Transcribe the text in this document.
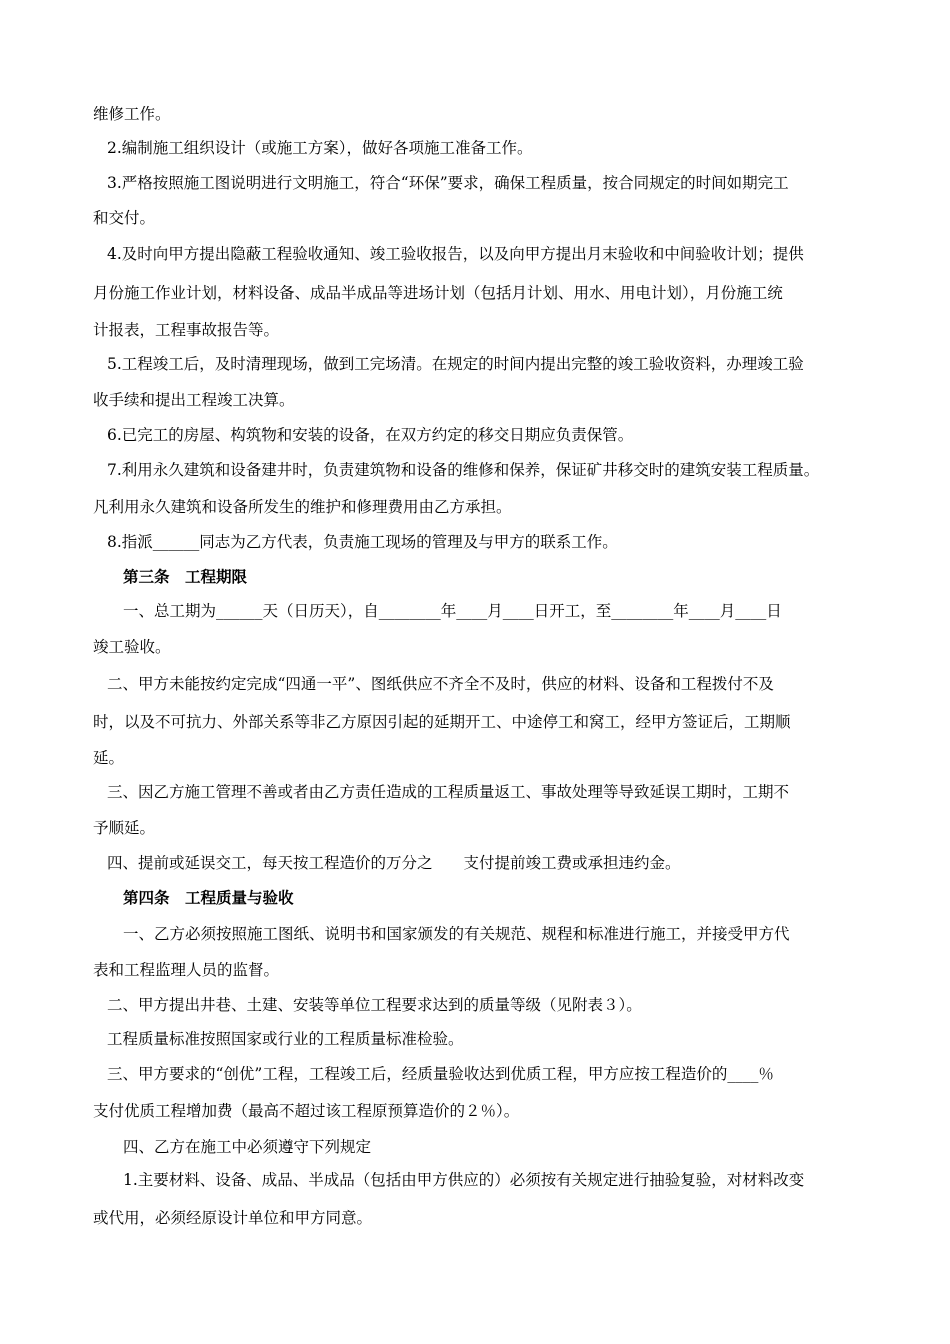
维修工作。
2.编制施工组织设计（或施工方案），做好各项施工准备工作。
3.严格按照施工图说明进行文明施工，符合“环保”要求，确保工程质量，按合同规定的时间如期完工
和交付。
4.及时向甲方提出隐蔽工程验收通知、竣工验收报告，以及向甲方提出月末验收和中间验收计划；提供
月份施工作业计划，材料设备、成品半成品等进场计划（包括月计划、用水、用电计划），月份施工统
计报表，工程事故报告等。
5.工程竣工后，及时清理现场，做到工完场清。在规定的时间内提出完整的竣工验收资料，办理竣工验
收手续和提出工程竣工决算。
6.已完工的房屋、构筑物和安装的设备，在双方约定的移交日期应负责保管。
7.利用永久建筑和设备建井时，负责建筑物和设备的维修和保养，保证矿井移交时的建筑安装工程质量。
凡利用永久建筑和设备所发生的维护和修理费用由乙方承担。
8.指派______同志为乙方代表，负责施工现场的管理及与甲方的联系工作。
第三条　工程期限
一、总工期为______天（日历天），自________年____月____日开工，至________年____月____日
竣工验收。
二、甲方未能按约定完成“四通一平”、图纸供应不齐全不及时，供应的材料、设备和工程拨付不及
时，以及不可抗力、外部关系等非乙方原因引起的延期开工、中途停工和窝工，经甲方签证后，工期顺
延。
三、因乙方施工管理不善或者由乙方责任造成的工程质量返工、事故处理等导致延误工期时，工期不
予顺延。
四、提前或延误交工，每天按工程造价的万分之　　支付提前竣工费或承担违约金。
第四条　工程质量与验收
一、乙方必须按照施工图纸、说明书和国家颁发的有关规范、规程和标准进行施工，并接受甲方代
表和工程监理人员的监督。
二、甲方提出井巷、土建、安装等单位工程要求达到的质量等级（见附表３）。
工程质量标准按照国家或行业的工程质量标准检验。
三、甲方要求的“创优”工程，工程竣工后，经质量验收达到优质工程，甲方应按工程造价的____％
支付优质工程增加费（最高不超过该工程原预算造价的２％）。
四、乙方在施工中必须遵守下列规定
1.主要材料、设备、成品、半成品（包括由甲方供应的）必须按有关规定进行抽验复验，对材料改变
或代用，必须经原设计单位和甲方同意。
